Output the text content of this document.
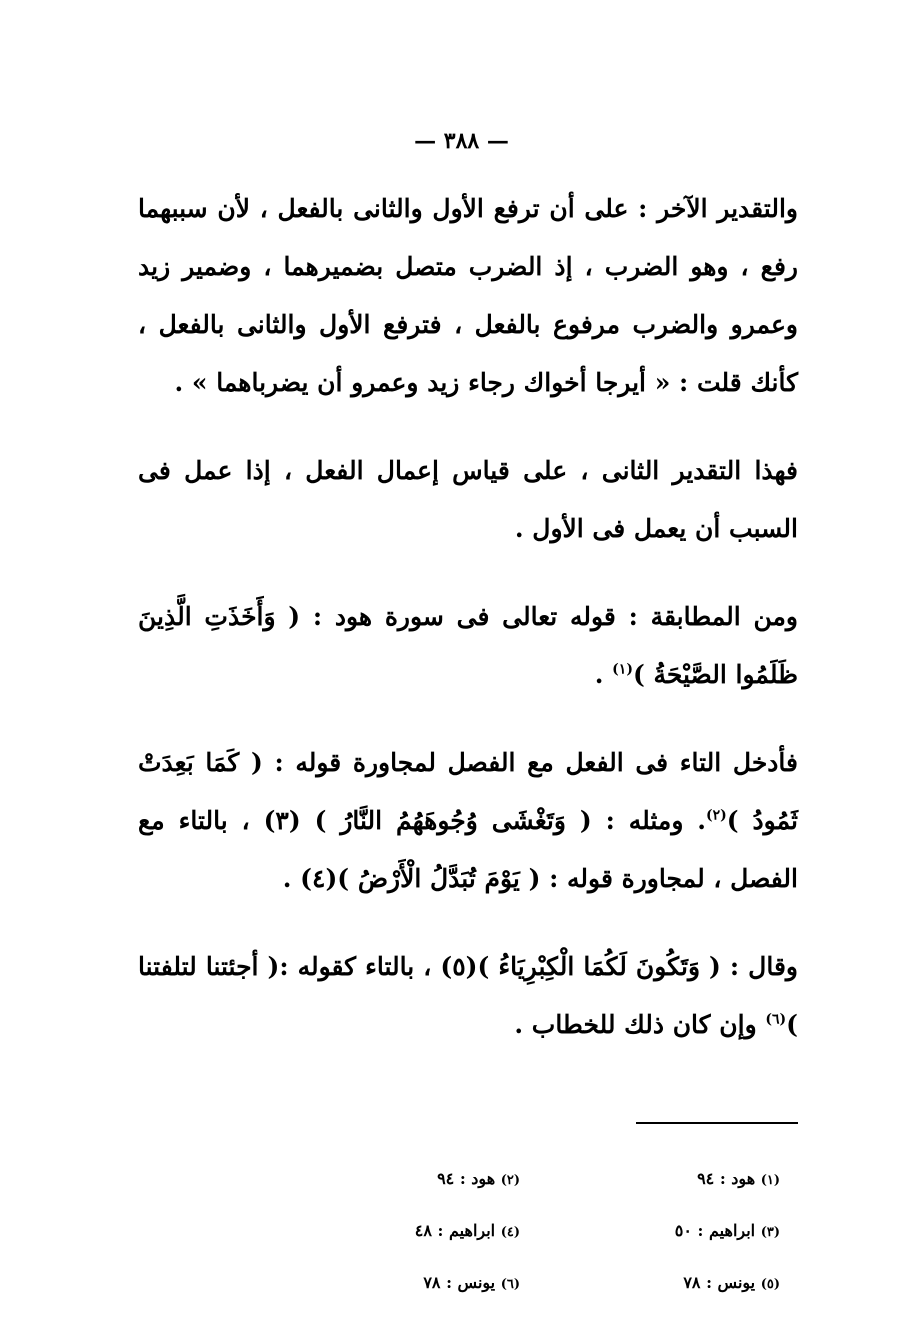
— ٣٨٨ —

والتقدير الآخر : على أن ترفع الأول والثانى بالفعل ، لأن سببهما رفع ، وهو الضرب ، إذ الضرب متصل بضميرهما ، وضمير زيد وعمرو والضرب مرفوع بالفعل ، فترفع الأول والثانى بالفعل ، كأنك قلت : « أيرجا أخواك رجاء زيد وعمرو أن يضرباهما » .

فهذا التقدير الثانى ، على قياس إعمال الفعل ، إذا عمل فى السبب أن يعمل فى الأول .

ومن المطابقة : قوله تعالى فى سورة هود : ( وَأَخَذَتِ الَّذِينَ ظَلَمُوا الصَّيْحَةُ )$^{(١)}$ .

فأدخل التاء فى الفعل مع الفصل لمجاورة قوله : ( كَمَا بَعِدَتْ ثَمُودُ )$^{(٢)}$. ومثله : ( وَتَغْشَى وُجُوهَهُمُ النَّارُ ) (٣) ، بالتاء مع الفصل ، لمجاورة قوله : ( يَوْمَ تُبَدَّلُ الْأَرْضُ )(٤) .

وقال : ( وَتَكُونَ لَكُمَا الْكِبْرِيَاءُ )(٥) ، بالتاء كقوله :( أجئتنا لتلفتنا )$^{(٦)}$ وإن كان ذلك للخطاب .

(١) هود : ٩٤
(٢) هود : ٩٤
(٣) ابراهيم : ٥٠
(٤) ابراهيم : ٤٨
(٥) يونس : ٧٨
(٦) يونس : ٧٨
